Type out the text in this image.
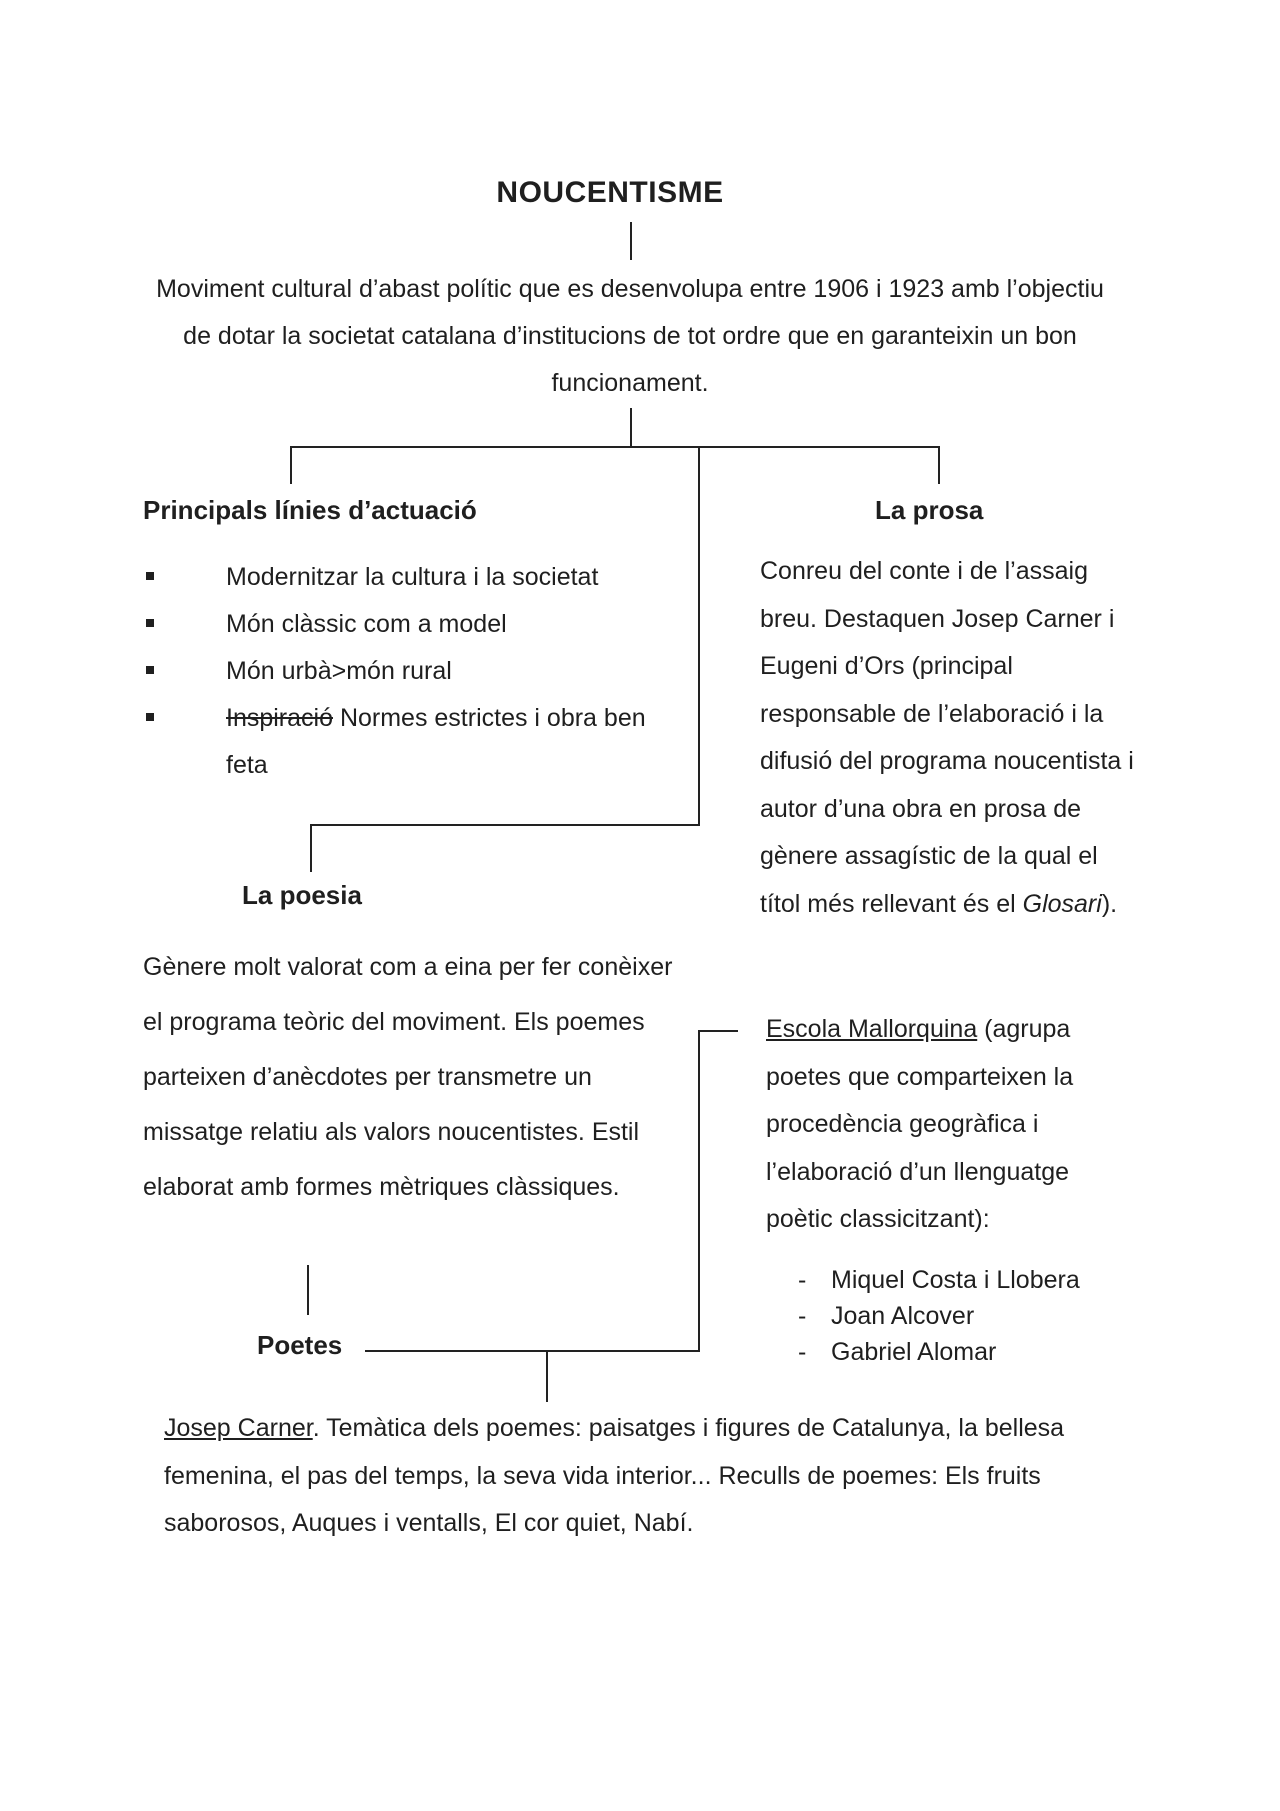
NOUCENTISME

Moviment cultural d’abast polític que es desenvolupa entre 1906 i 1923 amb l’objectiu de dotar la societat catalana d’institucions de tot ordre que en garanteixin un bon funcionament.

Principals línies d’actuació
Modernitzar la cultura i la societat
Món clàssic com a model
Món urbà>món rural
Inspiració Normes estrictes i obra ben feta
La prosa

Conreu del conte i de l’assaig breu. Destaquen Josep Carner i Eugeni d’Ors (principal responsable de l’elaboració i la difusió del programa noucentista i autor d’una obra en prosa de gènere assagístic de la qual el títol més rellevant és el Glosari).

La poesia

Gènere molt valorat com a eina per fer conèixer el programa teòric del moviment. Els poemes parteixen d’anècdotes per transmetre un missatge relatiu als valors noucentistes. Estil elaborat amb formes mètriques clàssiques.

Escola Mallorquina (agrupa poetes que comparteixen la procedència geogràfica i l’elaboració d’un llenguatge poètic classicitzant):

- Miquel Costa i Llobera
- Joan Alcover
- Gabriel Alomar
Poetes

Josep Carner. Temàtica dels poemes: paisatges i figures de Catalunya, la bellesa femenina, el pas del temps, la seva vida interior... Reculls de poemes: Els fruits saborosos, Auques i ventalls, El cor quiet, Nabí.
